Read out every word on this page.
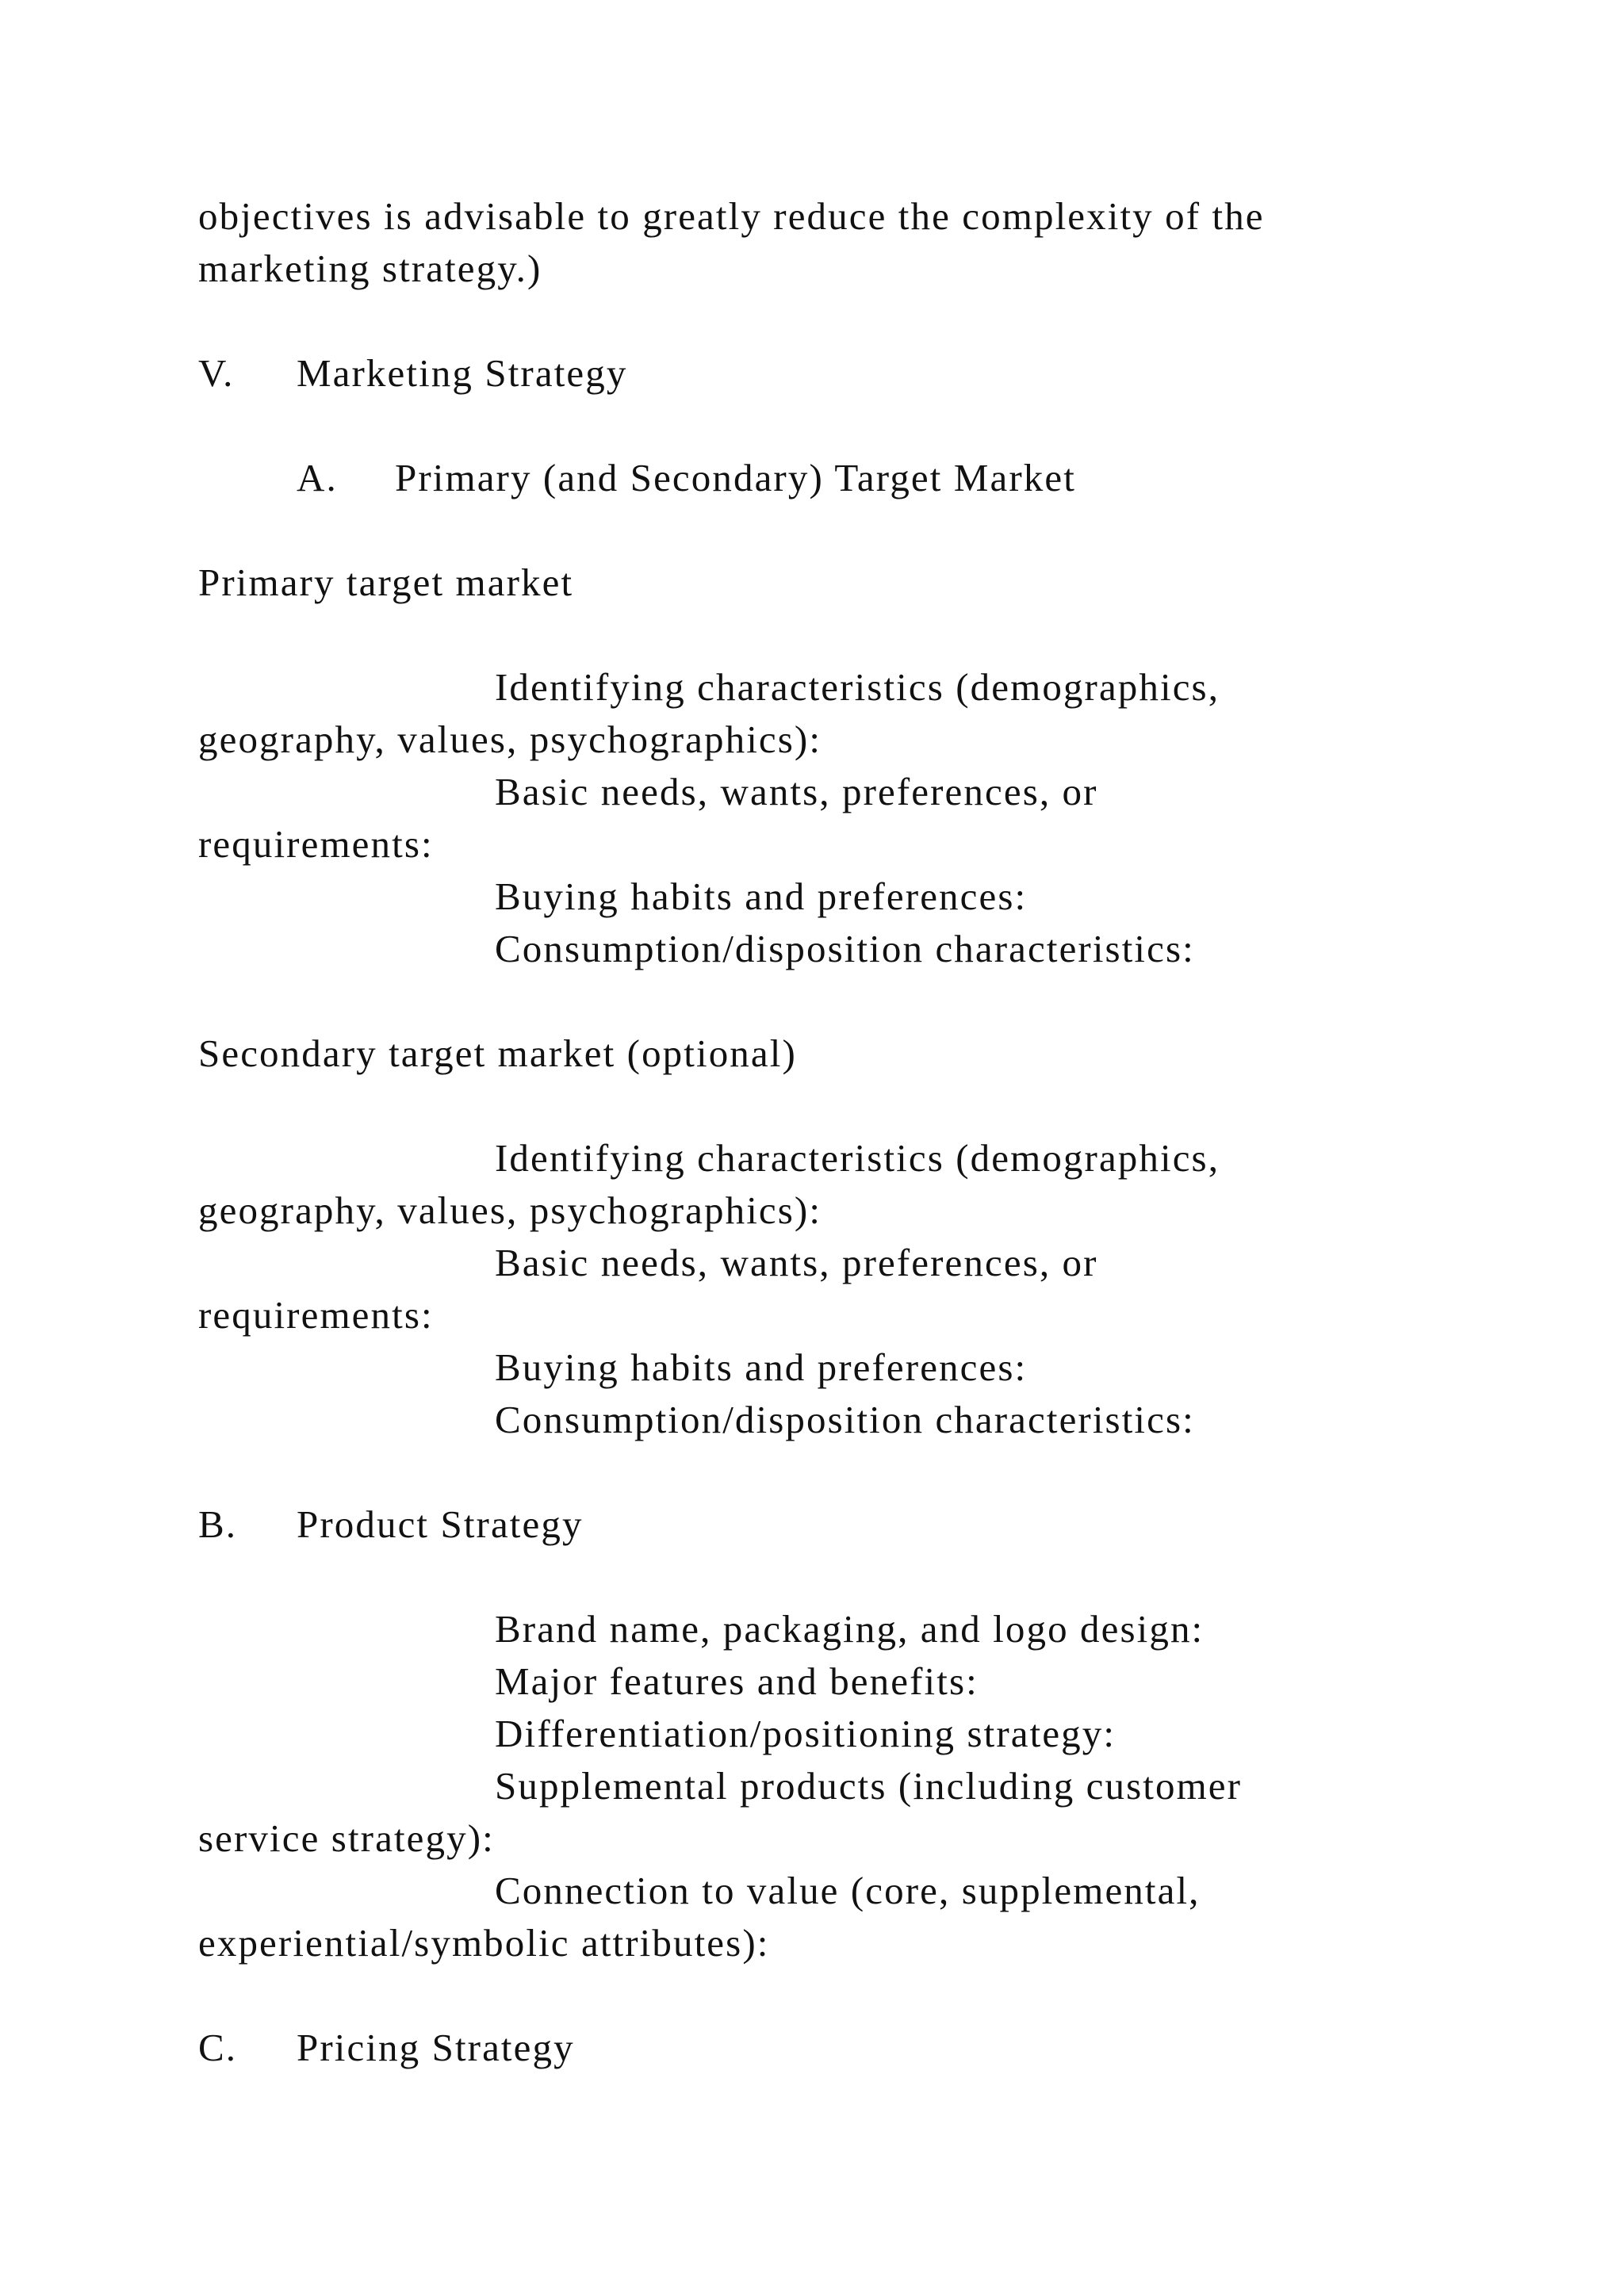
objectives is advisable to greatly reduce the complexity of the
marketing strategy.)
V. Marketing Strategy
A. Primary (and Secondary) Target Market
Primary target market
Identifying characteristics (demographics,
geography, values, psychographics):
Basic needs, wants, preferences, or
requirements:
Buying habits and preferences:
Consumption/disposition characteristics:
Secondary target market (optional)
Identifying characteristics (demographics,
geography, values, psychographics):
Basic needs, wants, preferences, or
requirements:
Buying habits and preferences:
Consumption/disposition characteristics:
B. Product Strategy
Brand name, packaging, and logo design:
Major features and benefits:
Differentiation/positioning strategy:
Supplemental products (including customer
service strategy):
Connection to value (core, supplemental,
experiential/symbolic attributes):
C. Pricing Strategy
